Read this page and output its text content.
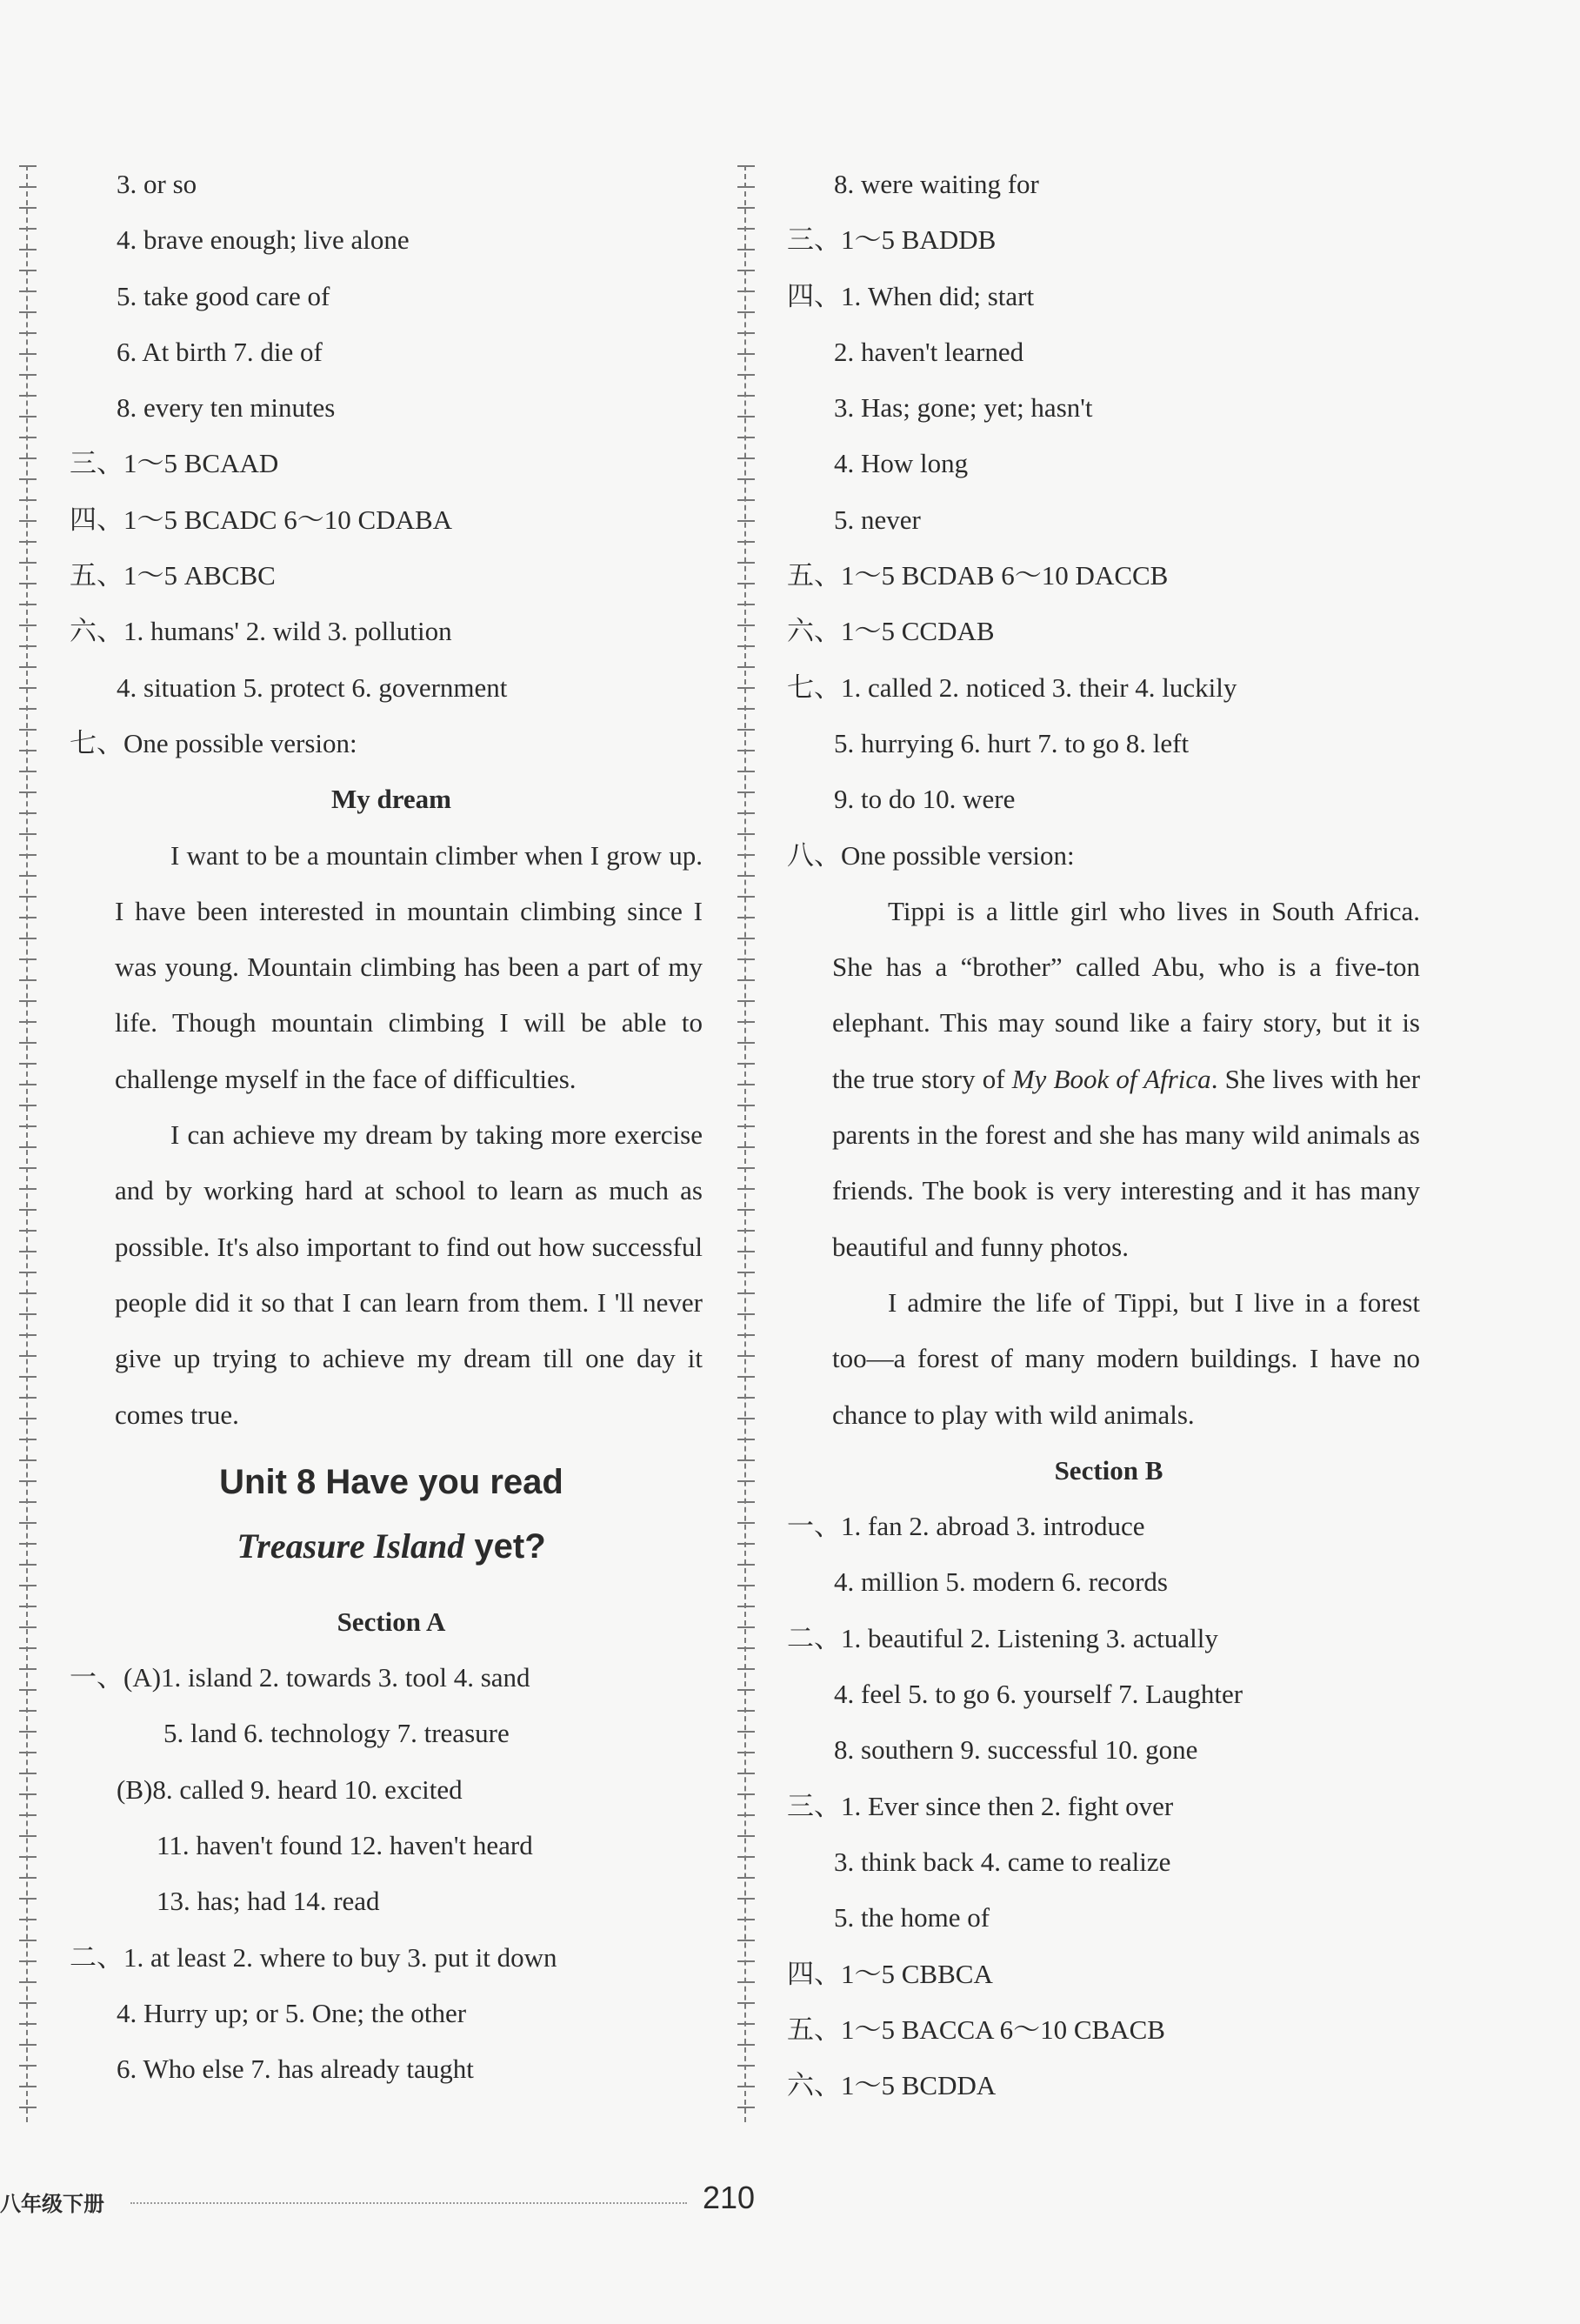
3. or so
4. brave enough; live alone
5. take good care of
6. At birth 7. die of
8. every ten minutes
三、1～5 BCAAD
四、1～5 BCADC 6～10 CDABA
五、1～5 ABCBC
六、1. humans' 2. wild 3. pollution
4. situation 5. protect 6. government
七、One possible version:
My dream
I want to be a mountain climber when I grow up. I have been interested in mountain climbing since I was young. Mountain climbing has been a part of my life. Though mountain climbing I will be able to challenge myself in the face of difficulties.
I can achieve my dream by taking more exercise and by working hard at school to learn as much as possible. It's also important to find out how successful people did it so that I can learn from them. I 'll never give up trying to achieve my dream till one day it comes true.
Unit 8 Have you read
Treasure Island yet?
Section A
一、(A)1. island 2. towards 3. tool 4. sand
5. land 6. technology 7. treasure
(B)8. called 9. heard 10. excited
11. haven't found 12. haven't heard
13. has; had 14. read
二、1. at least 2. where to buy 3. put it down
4. Hurry up; or 5. One; the other
6. Who else 7. has already taught
8. were waiting for
三、1～5 BADDB
四、1. When did; start
2. haven't learned
3. Has; gone; yet; hasn't
4. How long
5. never
五、1～5 BCDAB 6～10 DACCB
六、1～5 CCDAB
七、1. called 2. noticed 3. their 4. luckily
5. hurrying 6. hurt 7. to go 8. left
9. to do 10. were
八、One possible version:
Tippi is a little girl who lives in South Africa. She has a “brother” called Abu, who is a five-ton elephant. This may sound like a fairy story, but it is the true story of My Book of Africa. She lives with her parents in the forest and she has many wild animals as friends. The book is very interesting and it has many beautiful and funny photos.
I admire the life of Tippi, but I live in a forest too—a forest of many modern buildings. I have no chance to play with wild animals.
Section B
一、1. fan 2. abroad 3. introduce
4. million 5. modern 6. records
二、1. beautiful 2. Listening 3. actually
4. feel 5. to go 6. yourself 7. Laughter
8. southern 9. successful 10. gone
三、1. Ever since then 2. fight over
3. think back 4. came to realize
5. the home of
四、1～5 CBBCA
五、1～5 BACCA 6～10 CBACB
六、1～5 BCDDA
八年级下册	210
